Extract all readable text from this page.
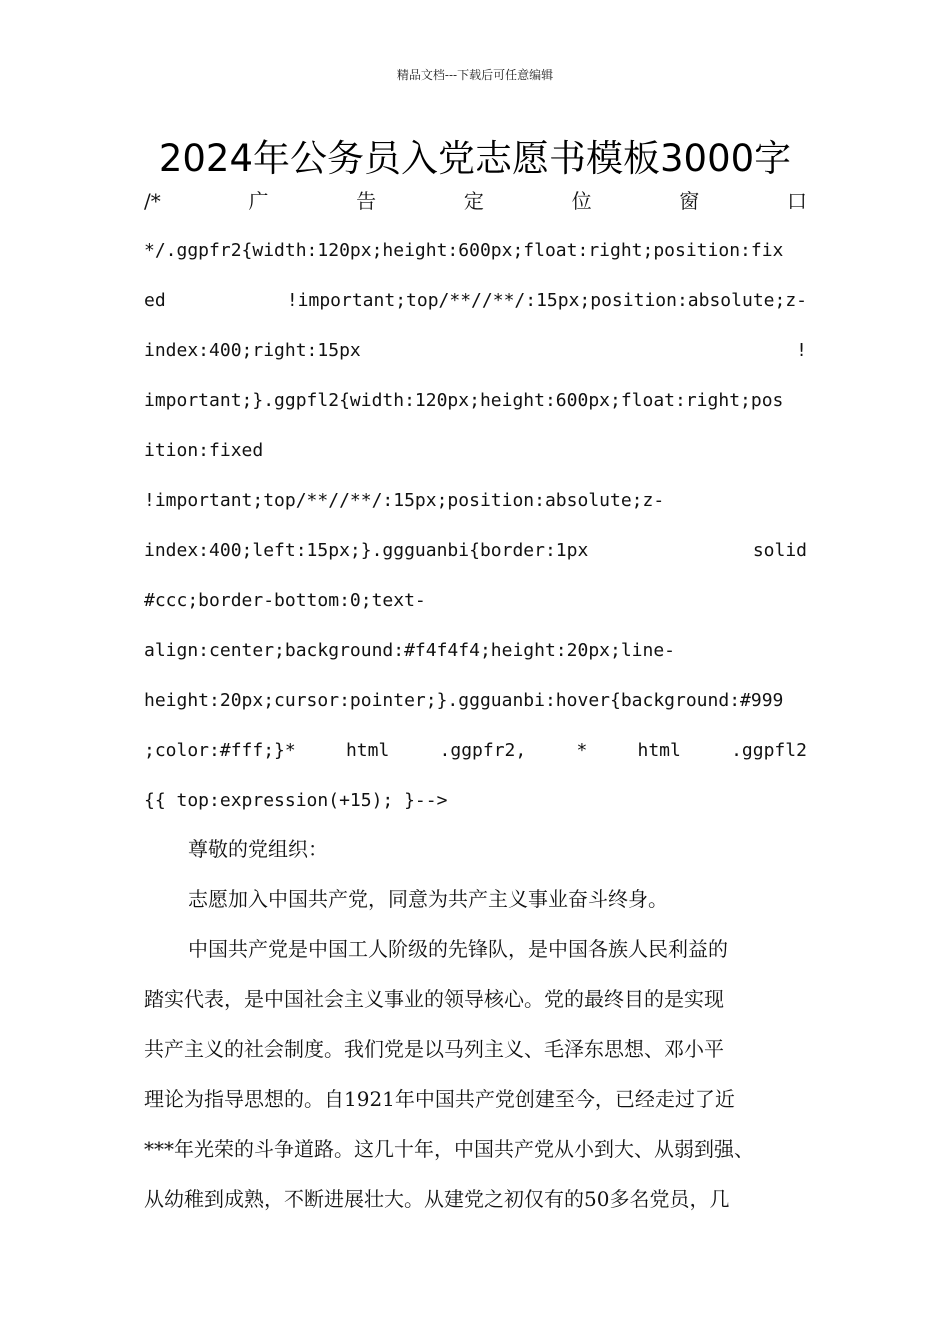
精品文档---下载后可任意编辑
2024年公务员入党志愿书模板3000字
/*	广	告	定	位	窗	口
*/.ggpfr2{width:120px;height:600px;float:right;position:fix
ed	!important;top/**//**/:15px;position:absolute;z-
index:400;right:15px	!
important;}.ggpfl2{width:120px;height:600px;float:right;pos
ition:fixed
!important;top/**//**/:15px;position:absolute;z-
index:400;left:15px;}.ggguanbi{border:1px	solid
#ccc;border-bottom:0;text-
align:center;background:#f4f4f4;height:20px;line-
height:20px;cursor:pointer;}.ggguanbi:hover{background:#999
;color:#fff;}*	html	.ggpfr2,	*	html	.ggpfl2
{{ top:expression(+15); }-->
尊敬的党组织：
志愿加入中国共产党，同意为共产主义事业奋斗终身。
中国共产党是中国工人阶级的先锋队，是中国各族人民利益的
踏实代表，是中国社会主义事业的领导核心。党的最终目的是实现
共产主义的社会制度。我们党是以马列主义、毛泽东思想、邓小平
理论为指导思想的。自1921年中国共产党创建至今，已经走过了近
***年光荣的斗争道路。这几十年，中国共产党从小到大、从弱到强、
从幼稚到成熟，不断进展壮大。从建党之初仅有的50多名党员，几
